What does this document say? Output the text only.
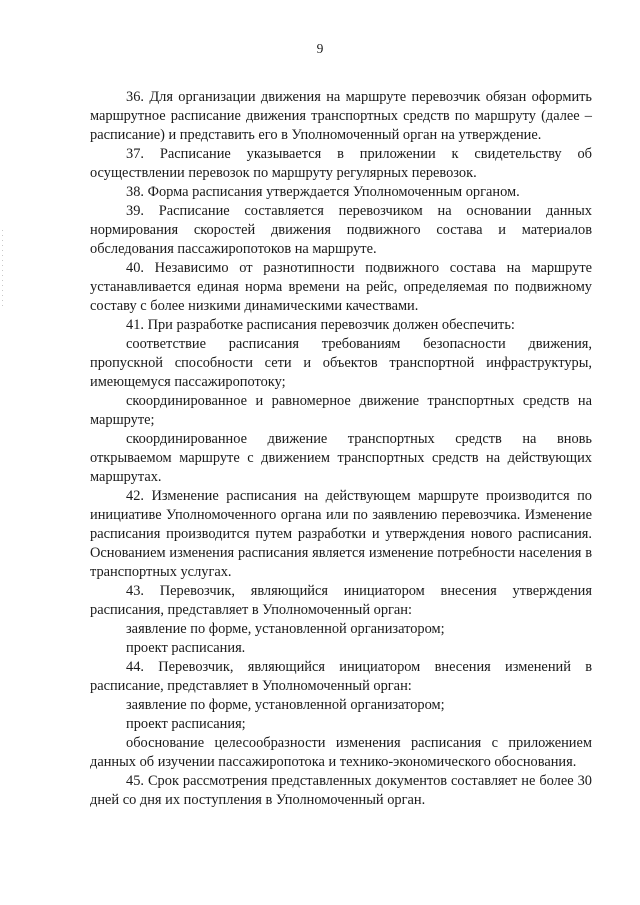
9

36. Для организации движения на маршруте перевозчик обязан оформить маршрутное расписание движения транспортных средств по маршруту (далее – расписание) и представить его в Уполномоченный орган на утверждение.

37. Расписание указывается в приложении к свидетельству об осуществлении перевозок по маршруту регулярных перевозок.

38. Форма расписания утверждается Уполномоченным органом.

39. Расписание составляется перевозчиком на основании данных нормирования скоростей движения подвижного состава и материалов обследования пассажиропотоков на маршруте.

40. Независимо от разнотипности подвижного состава на маршруте устанавливается единая норма времени на рейс, определяемая по подвижному составу с более низкими динамическими качествами.

41. При разработке расписания перевозчик должен обеспечить:

соответствие расписания требованиям безопасности движения, пропускной способности сети и объектов транспортной инфраструктуры, имеющемуся пассажиропотоку;

скоординированное и равномерное движение транспортных средств на маршруте;

скоординированное движение транспортных средств на вновь открываемом маршруте с движением транспортных средств на действующих маршрутах.

42. Изменение расписания на действующем маршруте производится по инициативе Уполномоченного органа или по заявлению перевозчика. Изменение расписания производится путем разработки и утверждения нового расписания. Основанием изменения расписания является изменение потребности населения в транспортных услугах.

43. Перевозчик, являющийся инициатором внесения утверждения расписания, представляет в Уполномоченный орган:

заявление по форме, установленной организатором;

проект расписания.

44. Перевозчик, являющийся инициатором внесения изменений в расписание, представляет в Уполномоченный орган:

заявление по форме, установленной организатором;

проект расписания;

обоснование целесообразности изменения расписания с приложением данных об изучении пассажиропотока и технико-экономического обоснования.

45. Срок рассмотрения представленных документов составляет не более 30 дней со дня их поступления в Уполномоченный орган.
